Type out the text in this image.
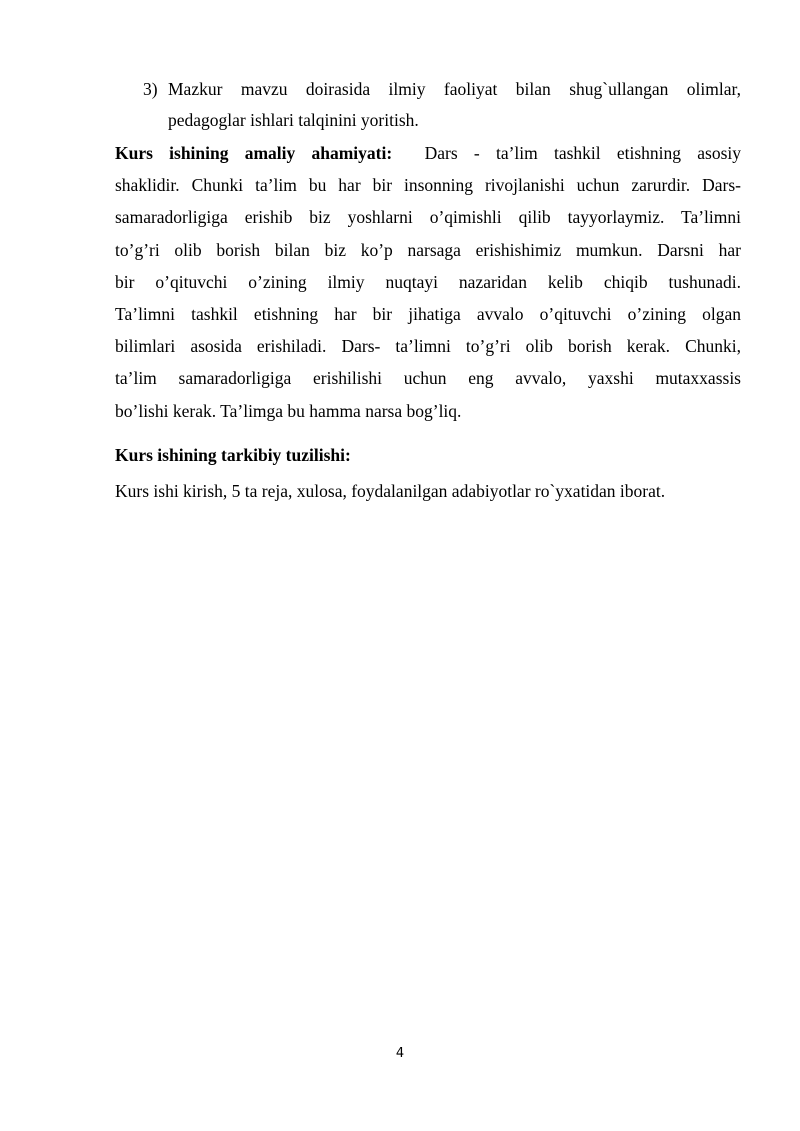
3) Mazkur mavzu doirasida ilmiy faoliyat bilan shug`ullangan olimlar,
pedagoglar ishlari talqinini yoritish.
Kurs ishining amaliy ahamiyati: Dars - ta’lim tashkil etishning asosiy
shaklidir. Chunki ta’lim bu har bir insonning rivojlanishi uchun zarurdir. Dars-
samaradorligiga erishib biz yoshlarni o’qimishli qilib tayyorlaymiz. Ta’limni
to’g’ri olib borish bilan biz ko’p narsaga erishishimiz mumkun. Darsni har
bir o’qituvchi o’zining ilmiy nuqtayi nazaridan kelib chiqib tushunadi.
Ta’limni tashkil etishning har bir jihatiga avvalo o’qituvchi o’zining olgan
bilimlari asosida erishiladi. Dars- ta’limni to’g’ri olib borish kerak. Chunki,
ta’lim samaradorligiga erishilishi uchun eng avvalo, yaxshi mutaxxassis
bo’lishi kerak. Ta’limga bu hamma narsa bog’liq.
Kurs ishining tarkibiy tuzilishi:
Kurs ishi kirish, 5 ta reja, xulosa, foydalanilgan adabiyotlar ro`yxatidan iborat.
4
